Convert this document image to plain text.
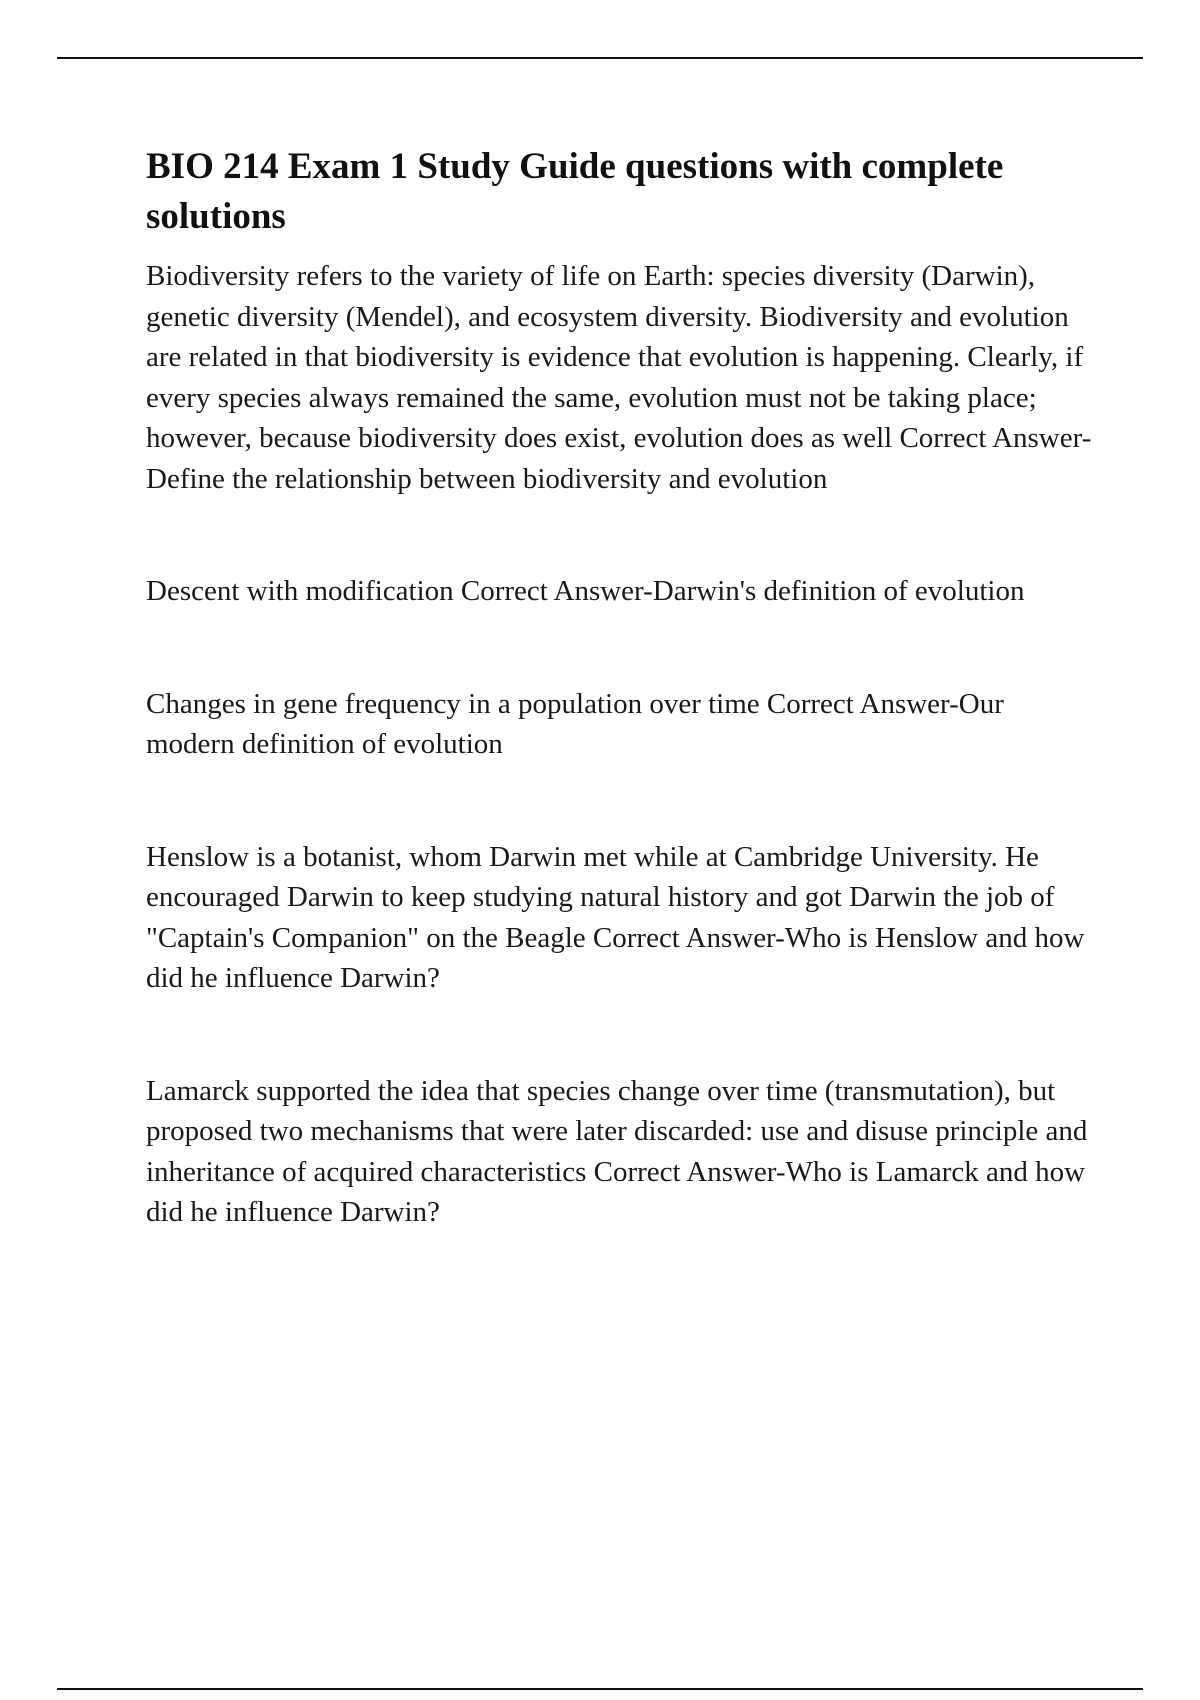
BIO 214 Exam 1 Study Guide questions with complete solutions

Biodiversity refers to the variety of life on Earth: species diversity (Darwin), genetic diversity (Mendel), and ecosystem diversity. Biodiversity and evolution are related in that biodiversity is evidence that evolution is happening. Clearly, if every species always remained the same, evolution must not be taking place; however, because biodiversity does exist, evolution does as well Correct Answer-Define the relationship between biodiversity and evolution

Descent with modification Correct Answer-Darwin's definition of evolution

Changes in gene frequency in a population over time Correct Answer-Our modern definition of evolution

Henslow is a botanist, whom Darwin met while at Cambridge University. He encouraged Darwin to keep studying natural history and got Darwin the job of "Captain's Companion" on the Beagle Correct Answer-Who is Henslow and how did he influence Darwin?

Lamarck supported the idea that species change over time (transmutation), but proposed two mechanisms that were later discarded: use and disuse principle and inheritance of acquired characteristics Correct Answer-Who is Lamarck and how did he influence Darwin?
